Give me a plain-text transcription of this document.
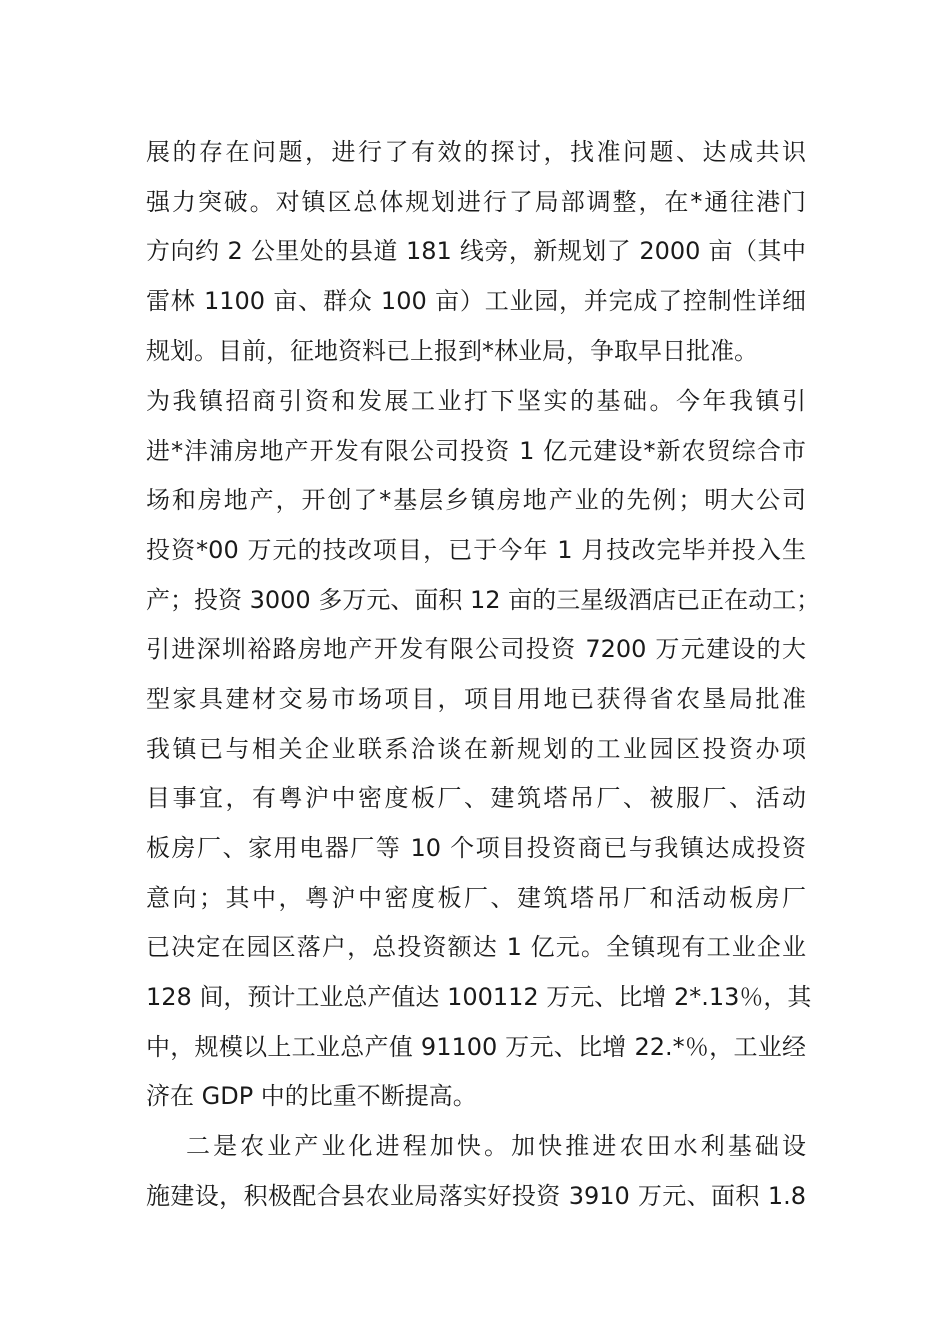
展的存在问题，进行了有效的探讨，找准问题、达成共识
强力突破。对镇区总体规划进行了局部调整，在*通往港门
方向约 2 公里处的县道 181 线旁，新规划了 2000 亩（其中
雷林 1100 亩、群众 100 亩）工业园，并完成了控制性详细
规划。目前，征地资料已上报到*林业局，争取早日批准。
为我镇招商引资和发展工业打下坚实的基础。今年我镇引
进*沣浦房地产开发有限公司投资 1 亿元建设*新农贸综合市
场和房地产，开创了*基层乡镇房地产业的先例；明大公司
投资*00 万元的技改项目，已于今年 1 月技改完毕并投入生
产；投资 3000 多万元、面积 12 亩的三星级酒店已正在动工；
引进深圳裕路房地产开发有限公司投资 7200 万元建设的大
型家具建材交易市场项目，项目用地已获得省农垦局批准
我镇已与相关企业联系洽谈在新规划的工业园区投资办项
目事宜，有粤沪中密度板厂、建筑塔吊厂、被服厂、活动
板房厂、家用电器厂等 10 个项目投资商已与我镇达成投资
意向；其中，粤沪中密度板厂、建筑塔吊厂和活动板房厂
已决定在园区落户，总投资额达 1 亿元。全镇现有工业企业
128 间，预计工业总产值达 100112 万元、比增 2*.13％，其
中，规模以上工业总产值 91100 万元、比增 22.*％，工业经
济在 GDP 中的比重不断提高。
二是农业产业化进程加快。加快推进农田水利基础设
施建设，积极配合县农业局落实好投资 3910 万元、面积 1.8
